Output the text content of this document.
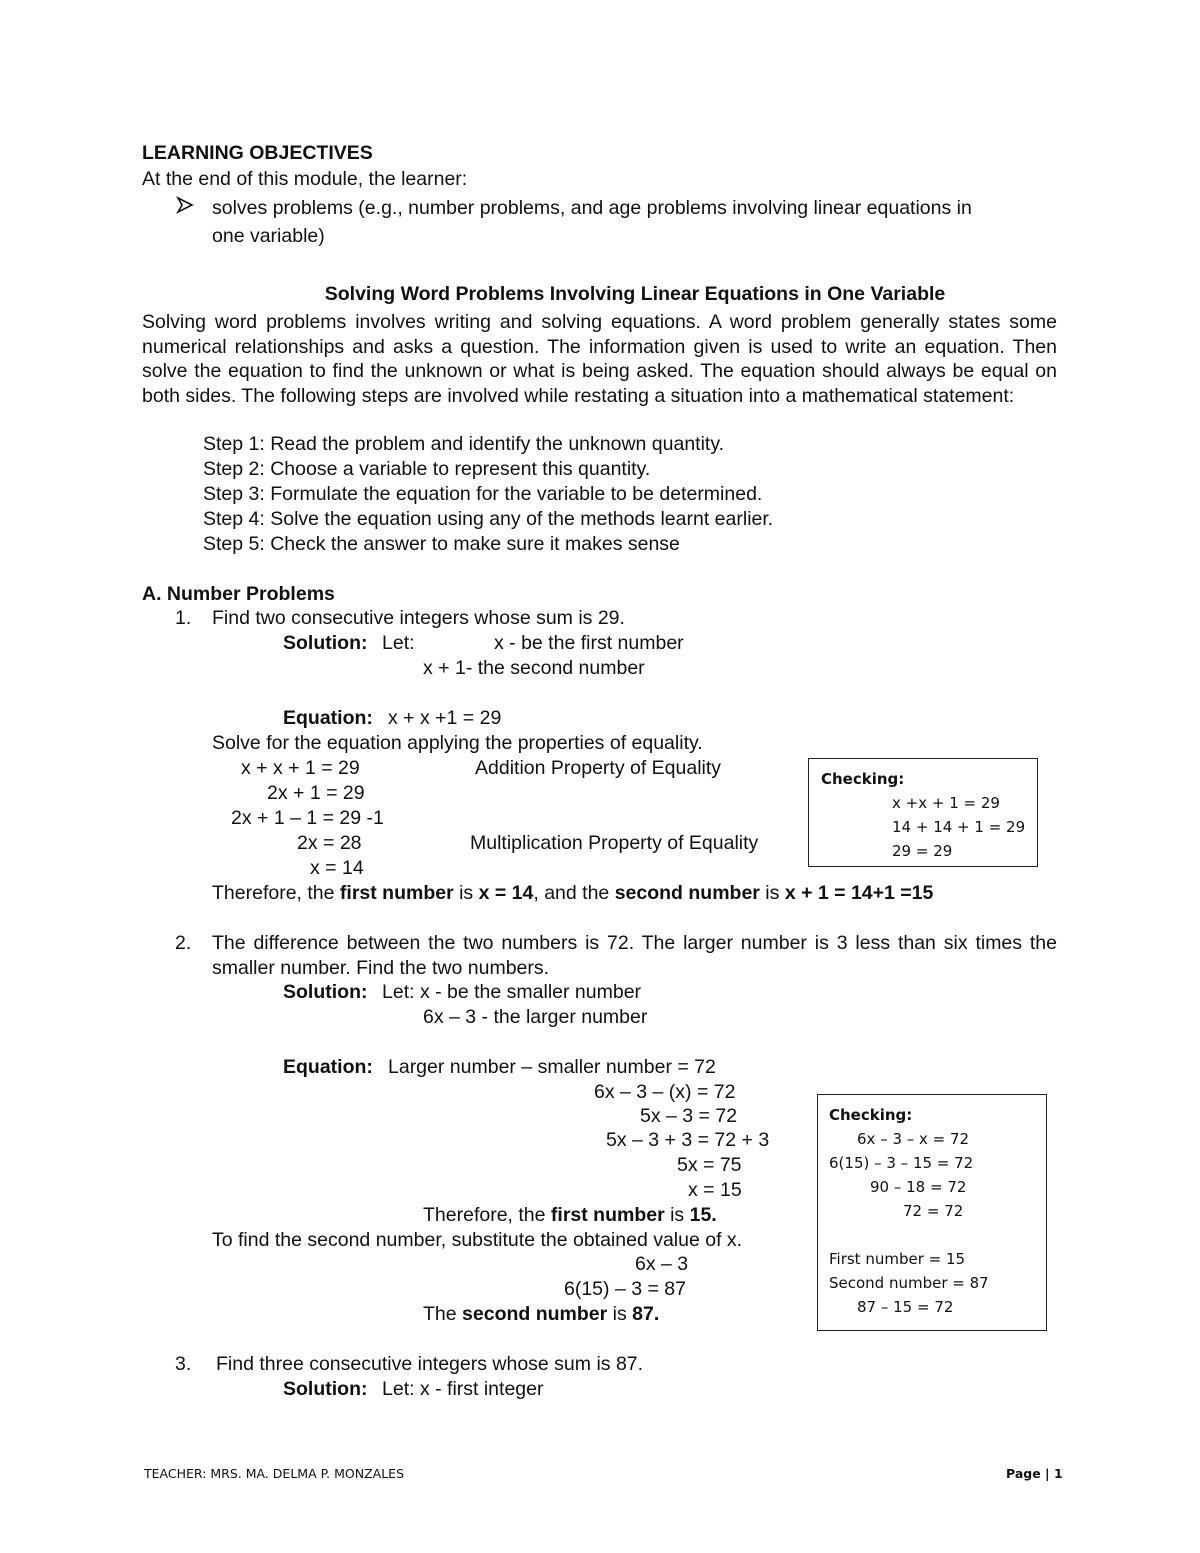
LEARNING OBJECTIVES
At the end of this module, the learner:
solves problems (e.g., number problems, and age problems involving linear equations in
one variable)
Solving Word Problems Involving Linear Equations in One Variable
Solving word problems involves writing and solving equations. A word problem generally states some numerical relationships and asks a question. The information given is used to write an equation. Then solve the equation to find the unknown or what is being asked. The equation should always be equal on both sides. The following steps are involved while restating a situation into a mathematical statement:
Step 1: Read the problem and identify the unknown quantity.
Step 2: Choose a variable to represent this quantity.
Step 3: Formulate the equation for the variable to be determined.
Step 4: Solve the equation using any of the methods learnt earlier.
Step 5: Check the answer to make sure it makes sense
A. Number Problems
1. Find two consecutive integers whose sum is 29.
Solution: Let:	x - be the first number
x + 1- the second number
Equation: x + x +1 = 29
Solve for the equation applying the properties of equality.
x + x + 1 = 29	Addition Property of Equality
2x + 1 = 29
2x + 1 – 1 = 29 -1
2x = 28	Multiplication Property of Equality
x = 14
Therefore, the first number is x = 14, and the second number is x + 1 = 14+1 =15
Checking:
x +x + 1 = 29
14 + 14 + 1 = 29
29 = 29
2. The difference between the two numbers is 72. The larger number is 3 less than six times the smaller number. Find the two numbers.
Solution: Let: x - be the smaller number
6x – 3 - the larger number
Equation: Larger number – smaller number = 72
6x – 3 – (x) = 72
5x – 3 = 72
5x – 3 + 3 = 72 + 3
5x = 75
x = 15
Therefore, the first number is 15.
To find the second number, substitute the obtained value of x.
6x – 3
6(15) – 3 = 87
The second number is 87.
Checking:
6x – 3 – x = 72
6(15) – 3 – 15 = 72
90 – 18 = 72
72 = 72
First number = 15
Second number = 87
87 – 15 = 72
3. Find three consecutive integers whose sum is 87.
Solution: Let: x - first integer
TEACHER: MRS. MA. DELMA P. MONZALES	Page | 1
